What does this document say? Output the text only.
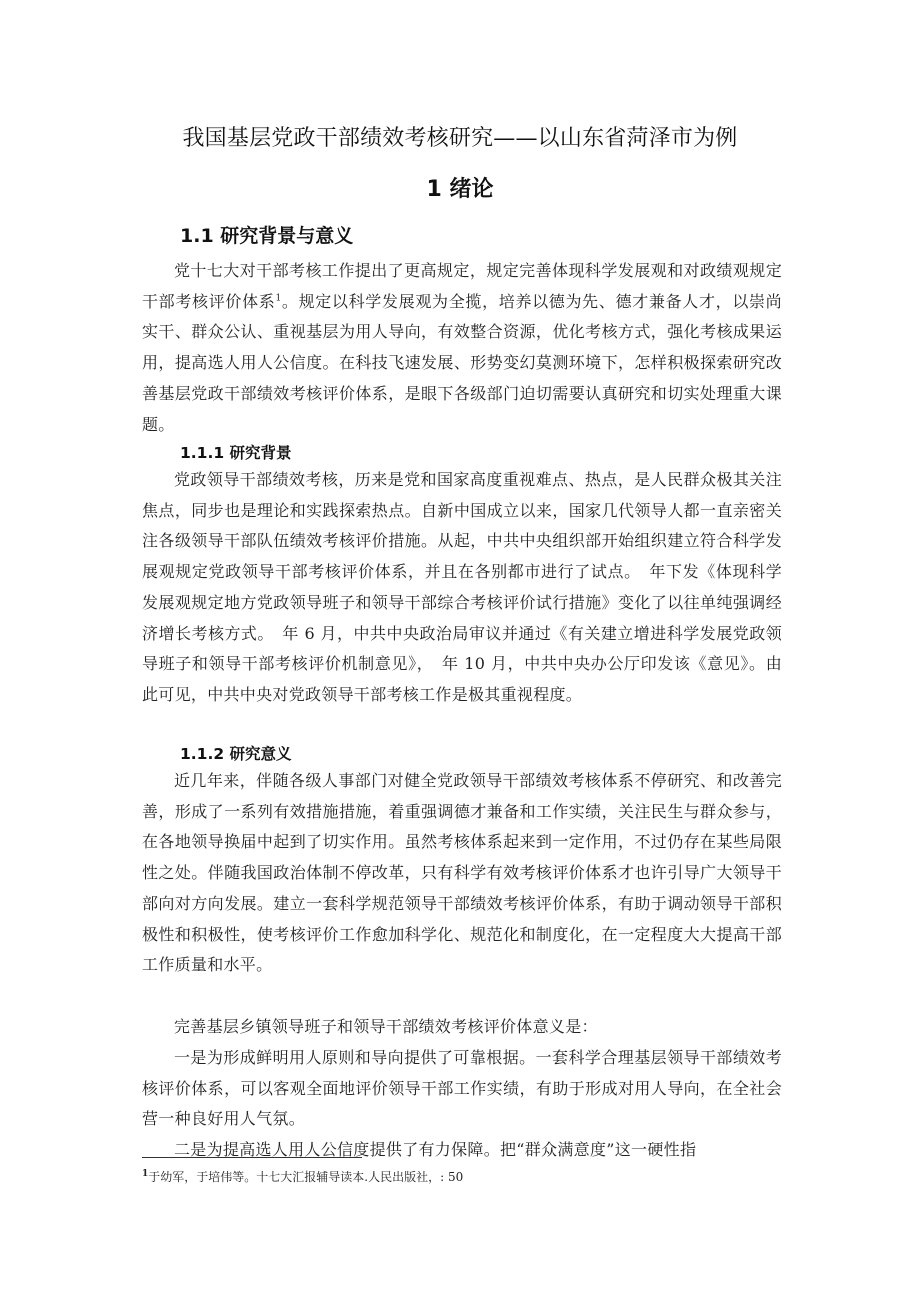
我国基层党政干部绩效考核研究——以山东省菏泽市为例
1 绪论
1.1 研究背景与意义

党十七大对干部考核工作提出了更高规定，规定完善体现科学发展观和对政绩观规定干部考核评价体系$^1$。规定以科学发展观为全揽，培养以德为先、德才兼备人才，以崇尚实干、群众公认、重视基层为用人导向，有效整合资源，优化考核方式，强化考核成果运用，提高选人用人公信度。在科技飞速发展、形势变幻莫测环境下，怎样积极探索研究改善基层党政干部绩效考核评价体系，是眼下各级部门迫切需要认真研究和切实处理重大课题。

1.1.1 研究背景

党政领导干部绩效考核，历来是党和国家高度重视难点、热点，是人民群众极其关注焦点，同步也是理论和实践探索热点。自新中国成立以来，国家几代领导人都一直亲密关注各级领导干部队伍绩效考核评价措施。从起，中共中央组织部开始组织建立符合科学发展观规定党政领导干部考核评价体系，并且在各别都市进行了试点。　年下发《体现科学发展观规定地方党政领导班子和领导干部综合考核评价试行措施》变化了以往单纯强调经济增长考核方式。　年 6 月，中共中央政治局审议并通过《有关建立增进科学发展党政领导班子和领导干部考核评价机制意见》，　年 10 月，中共中央办公厅印发该《意见》。由此可见，中共中央对党政领导干部考核工作是极其重视程度。

1.1.2 研究意义

近几年来，伴随各级人事部门对健全党政领导干部绩效考核体系不停研究、和改善完善，形成了一系列有效措施措施，着重强调德才兼备和工作实绩，关注民生与群众参与，在各地领导换届中起到了切实作用。虽然考核体系起来到一定作用，不过仍存在某些局限性之处。伴随我国政治体制不停改革，只有科学有效考核评价体系才也许引导广大领导干部向对方向发展。建立一套科学规范领导干部绩效考核评价体系，有助于调动领导干部积极性和积极性，使考核评价工作愈加科学化、规范化和制度化，在一定程度大大提高干部工作质量和水平。

完善基层乡镇领导班子和领导干部绩效考核评价体意义是：

一是为形成鲜明用人原则和导向提供了可靠根据。一套科学合理基层领导干部绩效考核评价体系，可以客观全面地评价领导干部工作实绩，有助于形成对用人导向，在全社会营一种良好用人气氛。

二是为提高选人用人公信度提供了有力保障。把“群众满意度”这一硬性指

$^1$于幼军，于培伟等。十七大汇报辅导读本.人民出版社，: 50
